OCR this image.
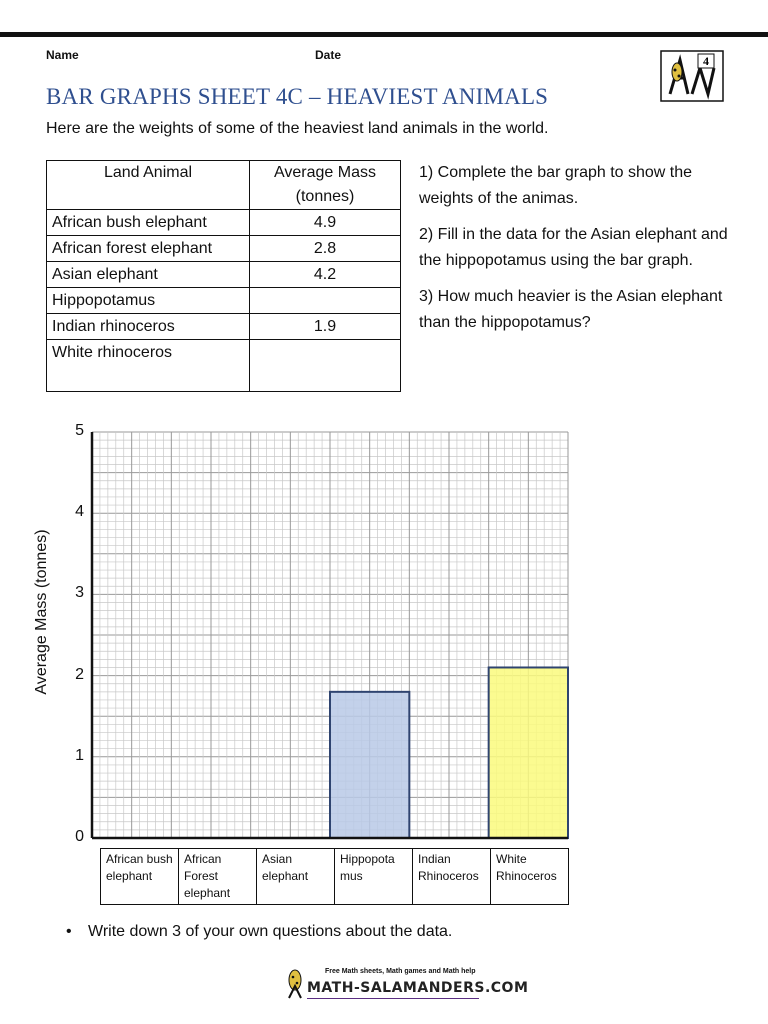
Name	Date	4
BAR GRAPHS SHEET 4C – HEAVIEST ANIMALS
Here are the weights of some of the heaviest land animals in the world.
Land Animal	Average Mass (tonnes)
African bush elephant	4.9
African forest elephant	2.8
Asian elephant	4.2
Hippopotamus	
Indian rhinoceros	1.9
White rhinoceros	

1) Complete the bar graph to show the weights of the animas.

2) Fill in the data for the Asian elephant and the hippopotamus using the bar graph.

3) How much heavier is the Asian elephant than the hippopotamus?

Average Mass (tonnes)
0
1
2
3
4
5
African bush elephant	African Forest elephant	Asian elephant	Hippopota mus	Indian Rhinoceros	White Rhinoceros
• Write down 3 of your own questions about the data.
Free Math sheets, Math games and Math help
MATH-SALAMANDERS.COM
